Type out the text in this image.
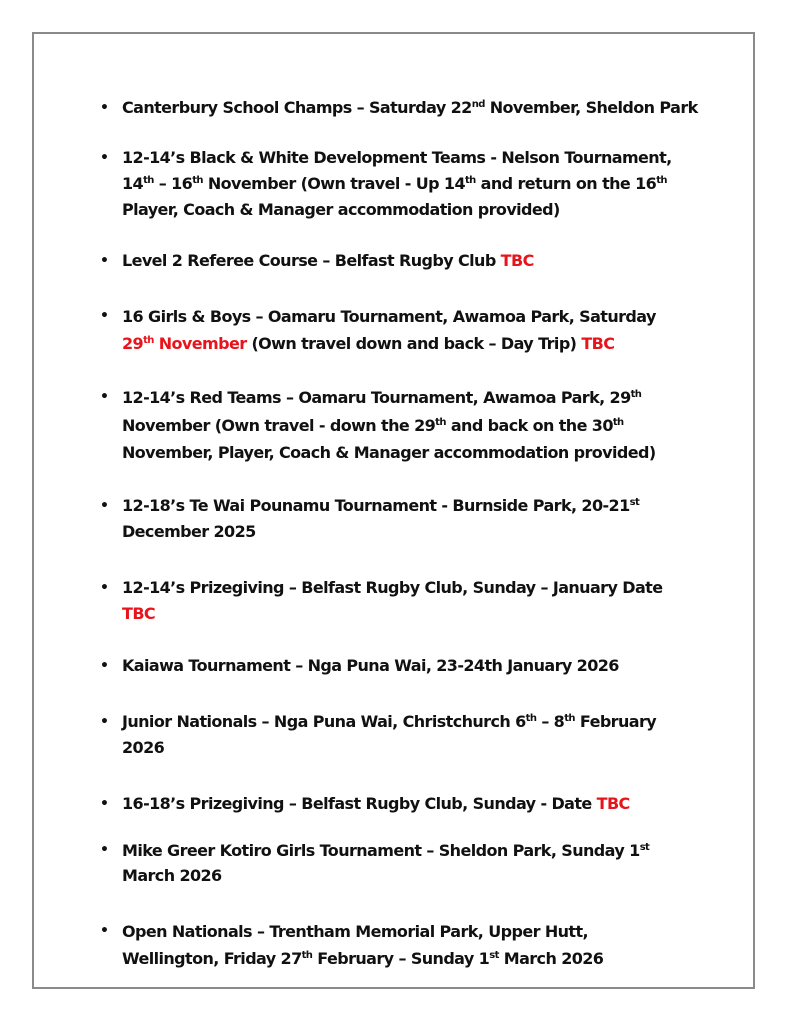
• Canterbury School Champs – Saturday 22nd November, Sheldon Park
• 12-14’s Black & White Development Teams - Nelson Tournament,
14th – 16th November (Own travel - Up 14th and return on the 16th
Player, Coach & Manager accommodation provided)
• Level 2 Referee Course – Belfast Rugby Club TBC
• 16 Girls & Boys – Oamaru Tournament, Awamoa Park, Saturday
29th November (Own travel down and back – Day Trip) TBC
• 12-14’s Red Teams – Oamaru Tournament, Awamoa Park, 29th
November (Own travel - down the 29th and back on the 30th
November, Player, Coach & Manager accommodation provided)
• 12-18’s Te Wai Pounamu Tournament - Burnside Park, 20-21st
December 2025
• 12-14’s Prizegiving – Belfast Rugby Club, Sunday – January Date
TBC
• Kaiawa Tournament – Nga Puna Wai, 23-24th January 2026
• Junior Nationals – Nga Puna Wai, Christchurch 6th – 8th February
2026
• 16-18’s Prizegiving – Belfast Rugby Club, Sunday - Date TBC
• Mike Greer Kotiro Girls Tournament – Sheldon Park, Sunday 1st
March 2026
• Open Nationals – Trentham Memorial Park, Upper Hutt,
Wellington, Friday 27th February – Sunday 1st March 2026
